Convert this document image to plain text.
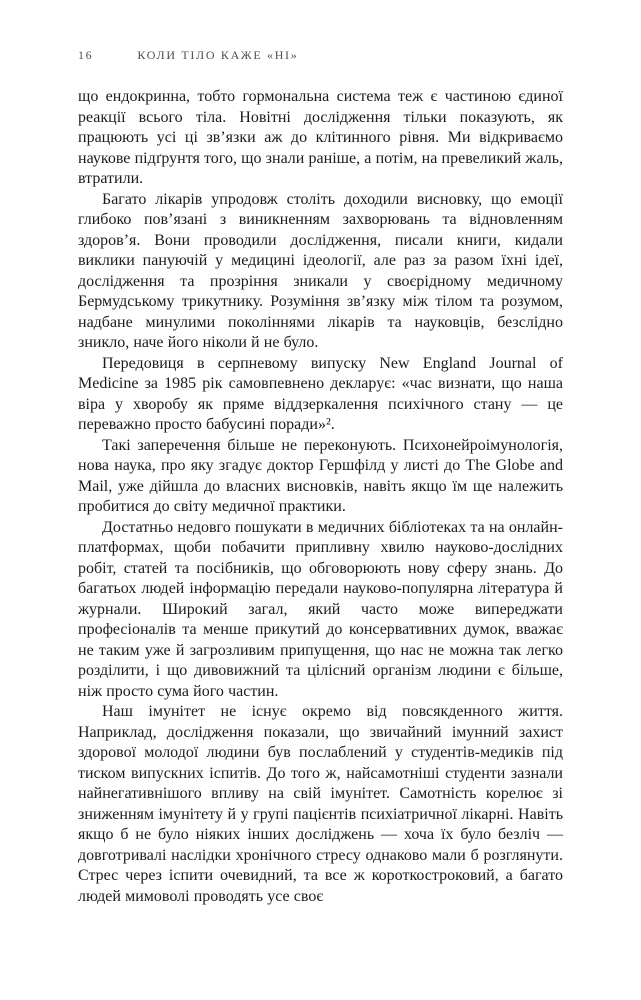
16	КОЛИ ТІЛО КАЖЕ «НІ»

що ендокринна, тобто гормональна система теж є частиною єдиної реакції всього тіла. Новітні дослідження тільки показують, як працюють усі ці зв’язки аж до клітинного рівня. Ми відкриваємо наукове підґрунтя того, що знали раніше, а потім, на превеликий жаль, втратили.

Багато лікарів упродовж століть доходили висновку, що емоції глибоко пов’язані з виникненням захворювань та відновленням здоров’я. Вони проводили дослідження, писали книги, кидали виклики пануючій у медицині ідеології, але раз за разом їхні ідеї, дослідження та прозріння зникали у своєрідному медичному Бермудському трикутнику. Розуміння зв’язку між тілом та розумом, надбане минулими поколіннями лікарів та науковців, безслідно зникло, наче його ніколи й не було.

Передовиця в серпневому випуску New England Journal of Medicine за 1985 рік самовпевнено декларує: «час визнати, що наша віра у хворобу як пряме віддзеркалення психічного стану — це переважно просто бабусині поради»².

Такі заперечення більше не переконують. Психонейроімунологія, нова наука, про яку згадує доктор Гершфілд у листі до The Globe and Mail, уже дійшла до власних висновків, навіть якщо їм ще належить пробитися до світу медичної практики.

Достатньо недовго пошукати в медичних бібліотеках та на онлайн-платформах, щоби побачити припливну хвилю науково-дослідних робіт, статей та посібників, що обговорюють нову сферу знань. До багатьох людей інформацію передали науково-популярна література й журнали. Широкий загал, який часто може випереджати професіоналів та менше прикутий до консервативних думок, вважає не таким уже й загрозливим припущення, що нас не можна так легко розділити, і що дивовижний та цілісний організм людини є більше, ніж просто сума його частин.

Наш імунітет не існує окремо від повсякденного життя. Наприклад, дослідження показали, що звичайний імунний захист здорової молодої людини був послаблений у студентів-медиків під тиском випускних іспитів. До того ж, найсамотніші студенти зазнали найнегативнішого впливу на свій імунітет. Самотність корелює зі зниженням імунітету й у групі пацієнтів психіатричної лікарні. Навіть якщо б не було ніяких інших досліджень — хоча їх було безліч — довготривалі наслідки хронічного стресу однаково мали б розглянути. Стрес через іспити очевидний, та все ж короткостроковий, а багато людей мимоволі проводять усе своє
